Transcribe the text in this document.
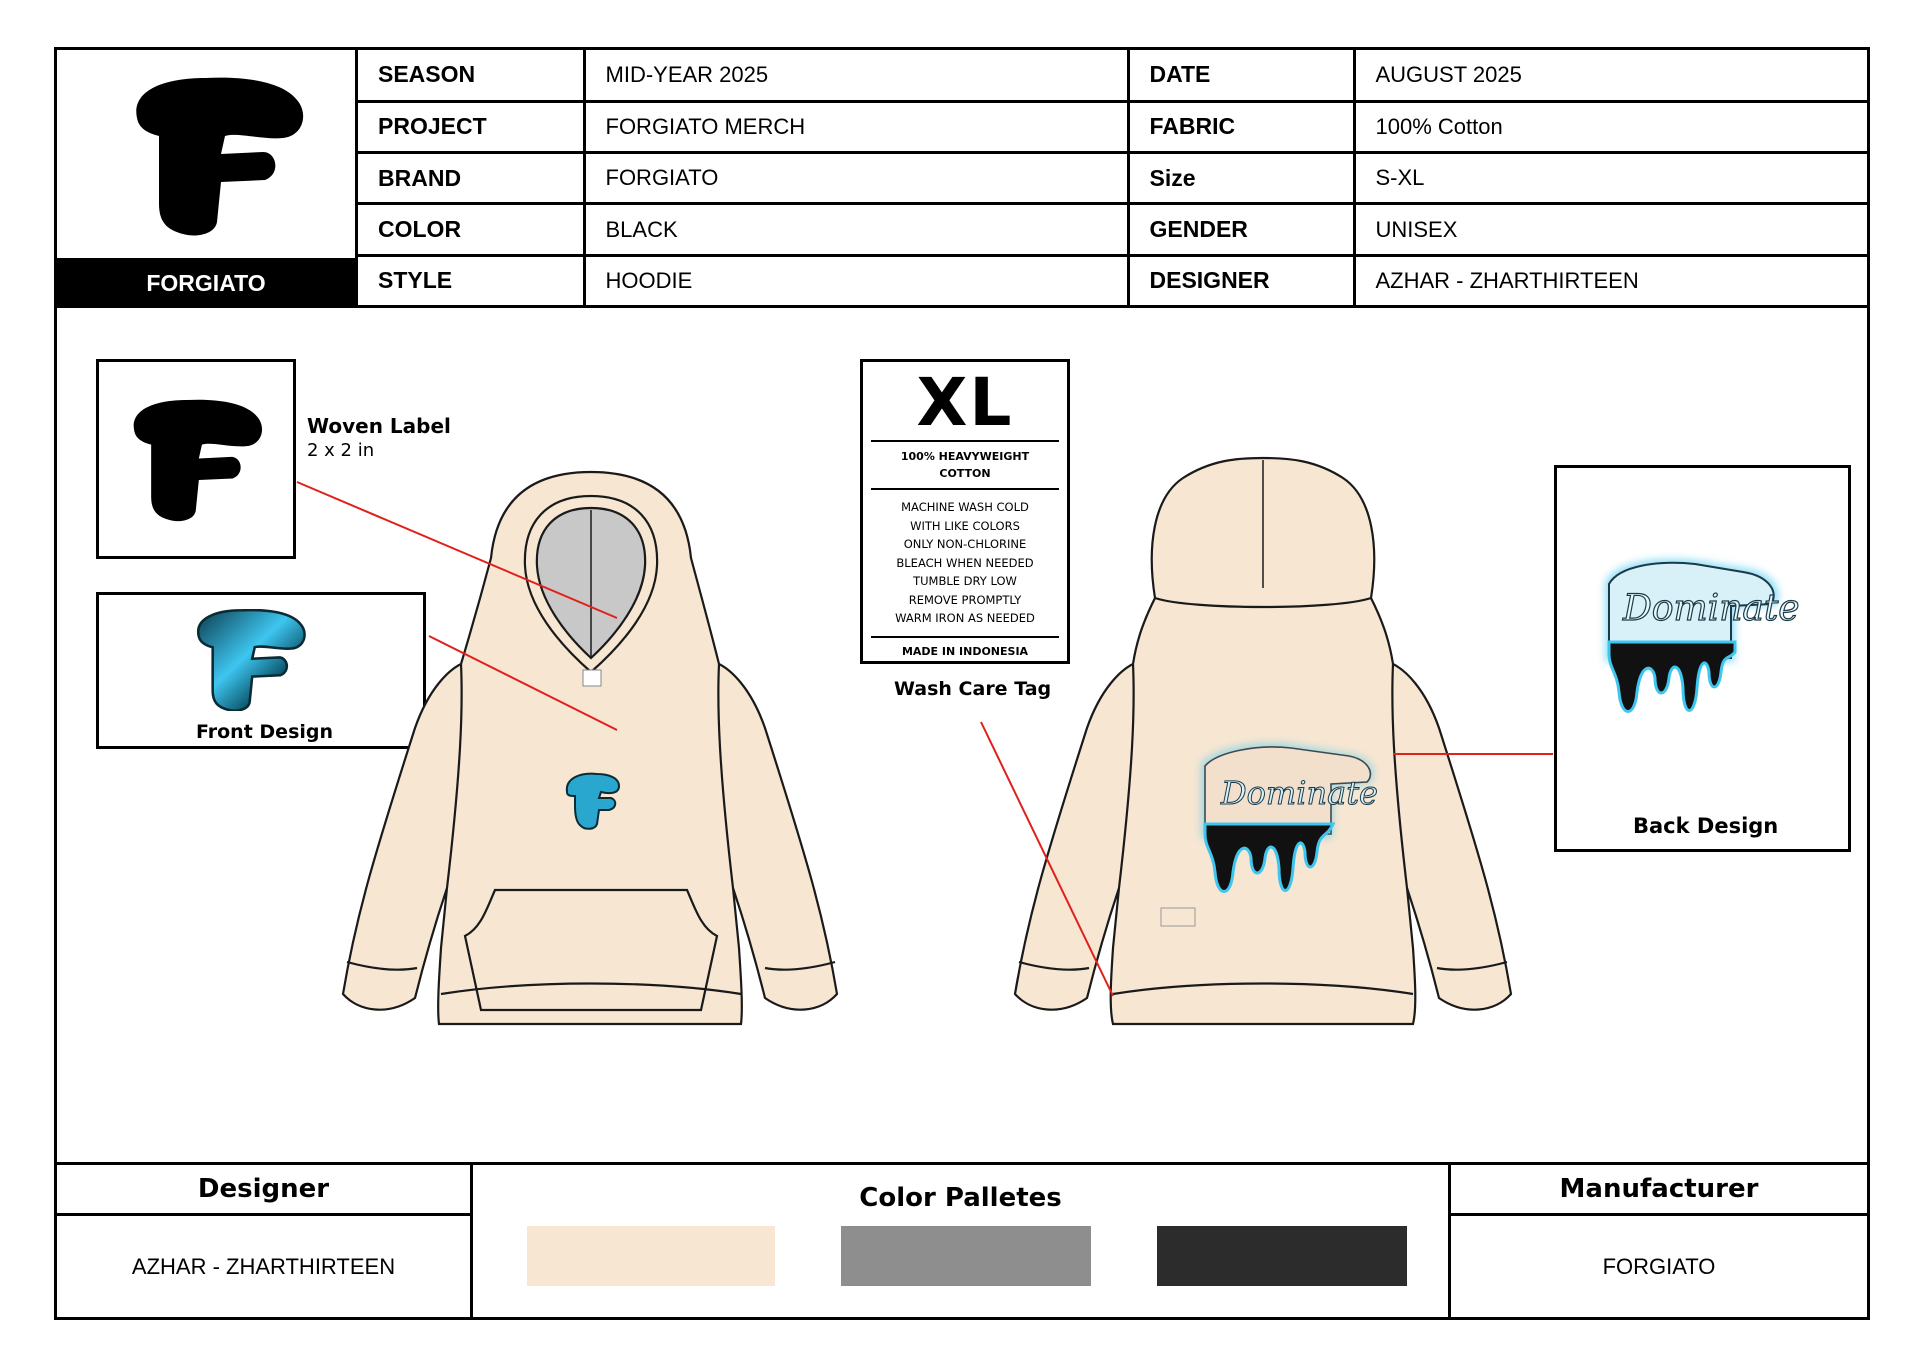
FORGIATO
SEASON	MID-YEAR 2025	DATE	AUGUST 2025
PROJECT	FORGIATO MERCH	FABRIC	100% Cotton
BRAND	FORGIATO	Size	S-XL
COLOR	BLACK	GENDER	UNISEX
STYLE	HOODIE	DESIGNER	AZHAR - ZHARTHIRTEEN
Woven Label
2 x 2 in
Front Design
XL
100% HEAVYWEIGHT COTTON
MACHINE WASH COLD
WITH LIKE COLORS
ONLY NON-CHLORINE
BLEACH WHEN NEEDED
TUMBLE DRY LOW
REMOVE PROMPTLY
WARM IRON AS NEEDED
MADE IN INDONESIA
Wash Care Tag
Dominate
Back Design
Dominate
Designer
AZHAR - ZHARTHIRTEEN
Color Palletes	Manufacturer
FORGIATO
